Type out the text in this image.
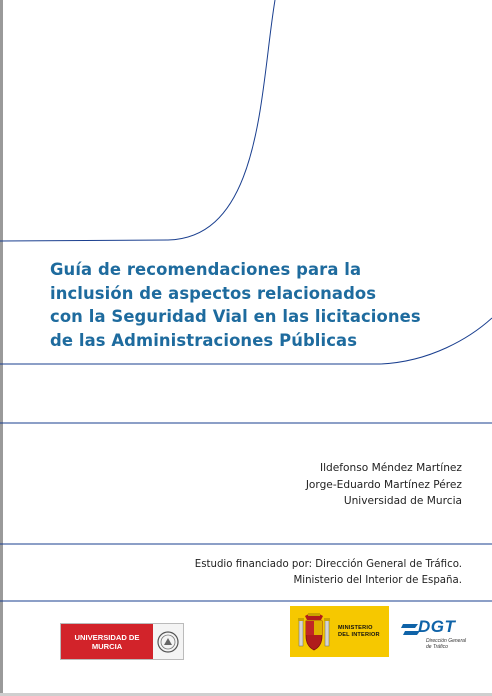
Guía de recomendaciones para la
inclusión de aspectos relacionados
con la Seguridad Vial en las licitaciones
de las Administraciones Públicas
Ildefonso Méndez Martínez
Jorge-Eduardo Martínez Pérez
Universidad de Murcia
Estudio financiado por: Dirección General de Tráfico.
Ministerio del Interior de España.
UNIVERSIDAD DE
MURCIA
MINISTERIO
DEL INTERIOR DGT
Dirección General
de Tráfico
